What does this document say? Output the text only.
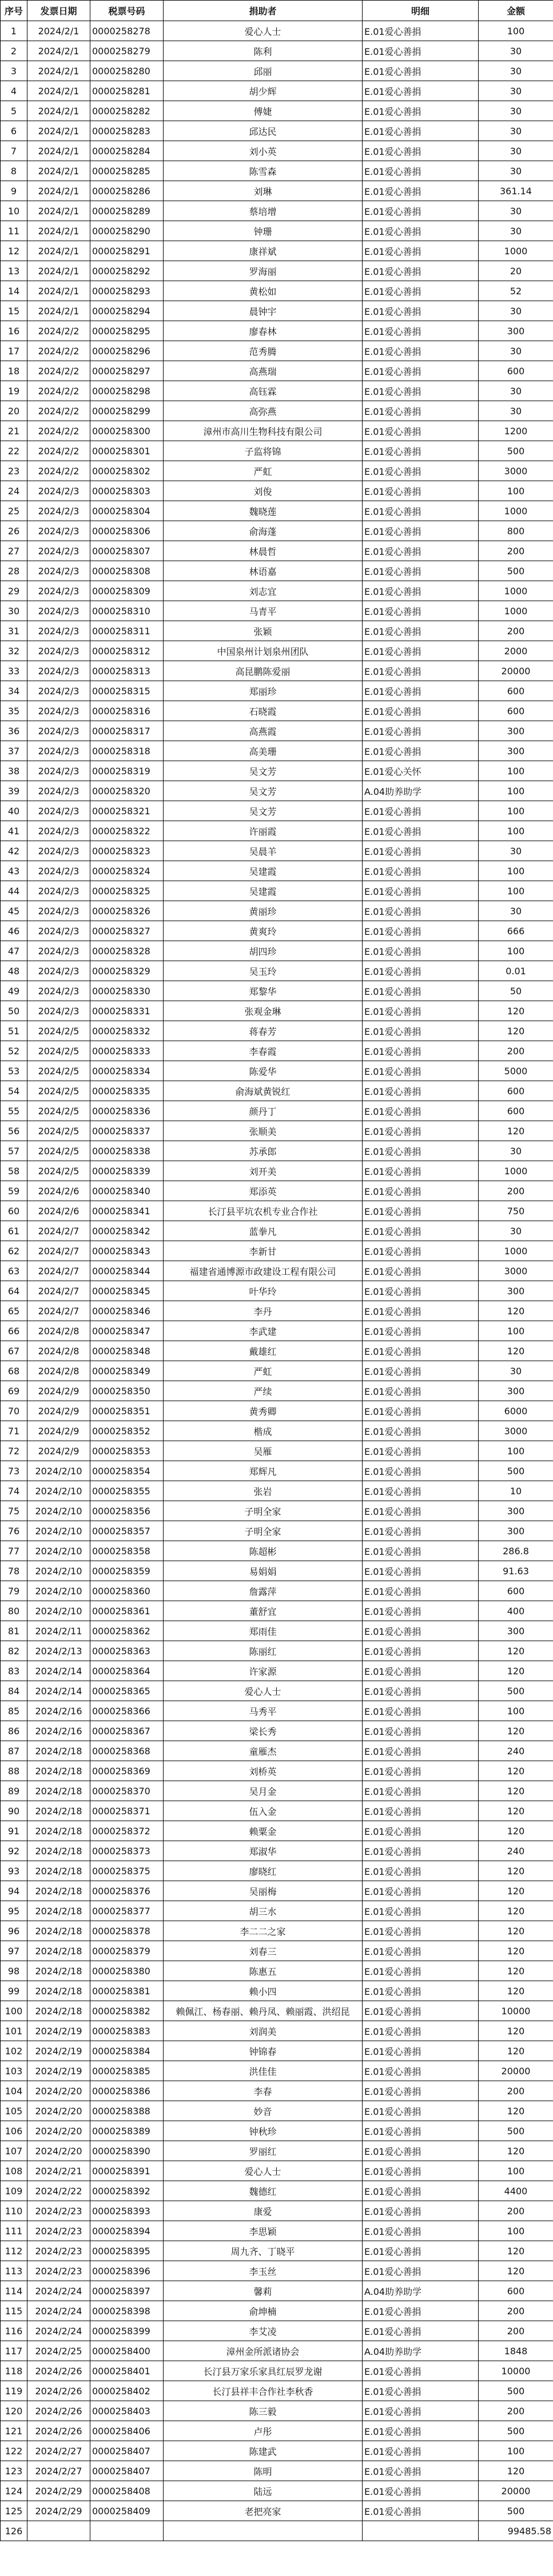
序号	发票日期	税票号码	捐助者	明细	金额
1	2024/2/1	0000258278	爱心人士	E.01爱心善捐	100
2	2024/2/1	0000258279	陈利	E.01爱心善捐	30
3	2024/2/1	0000258280	邱丽	E.01爱心善捐	30
4	2024/2/1	0000258281	胡少辉	E.01爱心善捐	30
5	2024/2/1	0000258282	傅婕	E.01爱心善捐	30
6	2024/2/1	0000258283	邱达民	E.01爱心善捐	30
7	2024/2/1	0000258284	刘小英	E.01爱心善捐	30
8	2024/2/1	0000258285	陈雪森	E.01爱心善捐	30
9	2024/2/1	0000258286	刘琳	E.01爱心善捐	361.14
10	2024/2/1	0000258289	蔡培增	E.01爱心善捐	30
11	2024/2/1	0000258290	钟珊	E.01爱心善捐	30
12	2024/2/1	0000258291	康祥斌	E.01爱心善捐	1000
13	2024/2/1	0000258292	罗海丽	E.01爱心善捐	20
14	2024/2/1	0000258293	黄松如	E.01爱心善捐	52
15	2024/2/1	0000258294	晨钟宇	E.01爱心善捐	30
16	2024/2/2	0000258295	廖春林	E.01爱心善捐	300
17	2024/2/2	0000258296	范秀腾	E.01爱心善捐	30
18	2024/2/2	0000258297	高燕瑞	E.01爱心善捐	600
19	2024/2/2	0000258298	高钰霖	E.01爱心善捐	30
20	2024/2/2	0000258299	高弥燕	E.01爱心善捐	30
21	2024/2/2	0000258300	漳州市高川生物科技有限公司	E.01爱心善捐	1200
22	2024/2/2	0000258301	子监将锦	E.01爱心善捐	500
23	2024/2/2	0000258302	严虹	E.01爱心善捐	3000
24	2024/2/3	0000258303	刘俊	E.01爱心善捐	100
25	2024/2/3	0000258304	魏晓莲	E.01爱心善捐	1000
26	2024/2/3	0000258306	俞海蓬	E.01爱心善捐	800
27	2024/2/3	0000258307	林晨哲	E.01爱心善捐	200
28	2024/2/3	0000258308	林语嘉	E.01爱心善捐	500
29	2024/2/3	0000258309	刘志宜	E.01爱心善捐	1000
30	2024/2/3	0000258310	马青平	E.01爱心善捐	1000
31	2024/2/3	0000258311	张颖	E.01爱心善捐	200
32	2024/2/3	0000258312	中国泉州计划泉州团队	E.01爱心善捐	2000
33	2024/2/3	0000258313	高昆鹏陈爱丽	E.01爱心善捐	20000
34	2024/2/3	0000258315	郑丽珍	E.01爱心善捐	600
35	2024/2/3	0000258316	石晓霞	E.01爱心善捐	600
36	2024/2/3	0000258317	高燕霞	E.01爱心善捐	300
37	2024/2/3	0000258318	高美珊	E.01爱心善捐	300
38	2024/2/3	0000258319	吴文芳	E.01爱心关怀	100
39	2024/2/3	0000258320	吴文芳	A.04助养助学	100
40	2024/2/3	0000258321	吴文芳	E.01爱心善捐	100
41	2024/2/3	0000258322	许丽霞	E.01爱心善捐	100
42	2024/2/3	0000258323	吴晨羊	E.01爱心善捐	30
43	2024/2/3	0000258324	吴建霞	E.01爱心善捐	100
44	2024/2/3	0000258325	吴建霞	E.01爱心善捐	100
45	2024/2/3	0000258326	黄丽珍	E.01爱心善捐	30
46	2024/2/3	0000258327	黄爽玲	E.01爱心善捐	666
47	2024/2/3	0000258328	胡四珍	E.01爱心善捐	100
48	2024/2/3	0000258329	吴玉玲	E.01爱心善捐	0.01
49	2024/2/3	0000258330	郑黎华	E.01爱心善捐	50
50	2024/2/3	0000258331	张观金琳	E.01爱心善捐	120
51	2024/2/5	0000258332	蒋春芳	E.01爱心善捐	120
52	2024/2/5	0000258333	李春霞	E.01爱心善捐	200
53	2024/2/5	0000258334	陈爱华	E.01爱心善捐	5000
54	2024/2/5	0000258335	俞海斌黄锐红	E.01爱心善捐	600
55	2024/2/5	0000258336	颜丹丁	E.01爱心善捐	600
56	2024/2/5	0000258337	张顺美	E.01爱心善捐	120
57	2024/2/5	0000258338	苏承郎	E.01爱心善捐	30
58	2024/2/5	0000258339	刘开美	E.01爱心善捐	1000
59	2024/2/6	0000258340	郑添英	E.01爱心善捐	200
60	2024/2/6	0000258341	长汀县平坑农机专业合作社	E.01爱心善捐	750
61	2024/2/7	0000258342	蓝拳凡	E.01爱心善捐	30
62	2024/2/7	0000258343	李新甘	E.01爱心善捐	1000
63	2024/2/7	0000258344	福建省通博源市政建设工程有限公司	E.01爱心善捐	3000
64	2024/2/7	0000258345	叶华玲	E.01爱心善捐	300
65	2024/2/7	0000258346	李丹	E.01爱心善捐	120
66	2024/2/8	0000258347	李武建	E.01爱心善捐	100
67	2024/2/8	0000258348	戴雄红	E.01爱心善捐	120
68	2024/2/8	0000258349	严虹	E.01爱心善捐	30
69	2024/2/9	0000258350	严续	E.01爱心善捐	300
70	2024/2/9	0000258351	黄秀卿	E.01爱心善捐	6000
71	2024/2/9	0000258352	楷成	E.01爱心善捐	3000
72	2024/2/9	0000258353	吴雁	E.01爱心善捐	100
73	2024/2/10	0000258354	郑辉凡	E.01爱心善捐	500
74	2024/2/10	0000258355	张岩	E.01爱心善捐	10
75	2024/2/10	0000258356	子明全家	E.01爱心善捐	300
76	2024/2/10	0000258357	子明全家	E.01爱心善捐	300
77	2024/2/10	0000258358	陈超彬	E.01爱心善捐	286.8
78	2024/2/10	0000258359	易娟娟	E.01爱心善捐	91.63
79	2024/2/10	0000258360	詹露萍	E.01爱心善捐	600
80	2024/2/10	0000258361	董舒宜	E.01爱心善捐	400
81	2024/2/11	0000258362	郑雨佳	E.01爱心善捐	300
82	2024/2/13	0000258363	陈丽红	E.01爱心善捐	120
83	2024/2/14	0000258364	许家源	E.01爱心善捐	120
84	2024/2/14	0000258365	爱心人士	E.01爱心善捐	500
85	2024/2/16	0000258366	马秀平	E.01爱心善捐	100
86	2024/2/16	0000258367	梁长秀	E.01爱心善捐	120
87	2024/2/18	0000258368	童雁杰	E.01爱心善捐	240
88	2024/2/18	0000258369	刘桥英	E.01爱心善捐	120
89	2024/2/18	0000258370	吴月金	E.01爱心善捐	120
90	2024/2/18	0000258371	伍入金	E.01爱心善捐	120
91	2024/2/18	0000258372	赖粟金	E.01爱心善捐	120
92	2024/2/18	0000258373	郑淑华	E.01爱心善捐	240
93	2024/2/18	0000258375	廖晓红	E.01爱心善捐	120
94	2024/2/18	0000258376	吴丽梅	E.01爱心善捐	120
95	2024/2/18	0000258377	胡三水	E.01爱心善捐	120
96	2024/2/18	0000258378	李二二之家	E.01爱心善捐	120
97	2024/2/18	0000258379	刘春三	E.01爱心善捐	120
98	2024/2/18	0000258380	陈惠五	E.01爱心善捐	120
99	2024/2/18	0000258381	赖小四	E.01爱心善捐	120
100	2024/2/18	0000258382	赖佩江、杨春丽、赖丹凤、赖丽霞、洪绍昆	E.01爱心善捐	10000
101	2024/2/19	0000258383	刘润美	E.01爱心善捐	120
102	2024/2/19	0000258384	钟锦春	E.01爱心善捐	120
103	2024/2/19	0000258385	洪佳佳	E.01爱心善捐	20000
104	2024/2/20	0000258386	李春	E.01爱心善捐	200
105	2024/2/20	0000258388	妙音	E.01爱心善捐	120
106	2024/2/20	0000258389	钟秋珍	E.01爱心善捐	500
107	2024/2/20	0000258390	罗丽红	E.01爱心善捐	120
108	2024/2/21	0000258391	爱心人士	E.01爱心善捐	100
109	2024/2/22	0000258392	魏德红	E.01爱心善捐	4400
110	2024/2/23	0000258393	康爱	E.01爱心善捐	200
111	2024/2/23	0000258394	李思颖	E.01爱心善捐	100
112	2024/2/23	0000258395	周九齐、丁晓平	E.01爱心善捐	120
113	2024/2/23	0000258396	李玉丝	E.01爱心善捐	120
114	2024/2/24	0000258397	馨莉	A.04助养助学	600
115	2024/2/24	0000258398	俞坤楠	E.01爱心善捐	200
116	2024/2/24	0000258399	李艾凌	E.01爱心善捐	200
117	2024/2/25	0000258400	漳州金所派诸协会	A.04助养助学	1848
118	2024/2/26	0000258401	长汀县万家乐家具红辰罗龙谢	E.01爱心善捐	10000
119	2024/2/26	0000258402	长汀县祥丰合作社李秋香	E.01爱心善捐	500
120	2024/2/26	0000258403	陈三毅	E.01爱心善捐	200
121	2024/2/26	0000258406	卢彤	E.01爱心善捐	500
122	2024/2/27	0000258407	陈建武	E.01爱心善捐	100
123	2024/2/27	0000258407	陈明	E.01爱心善捐	120
124	2024/2/29	0000258408	陆远	E.01爱心善捐	20000
125	2024/2/29	0000258409	老把亮家	E.01爱心善捐	500
126					99485.58
